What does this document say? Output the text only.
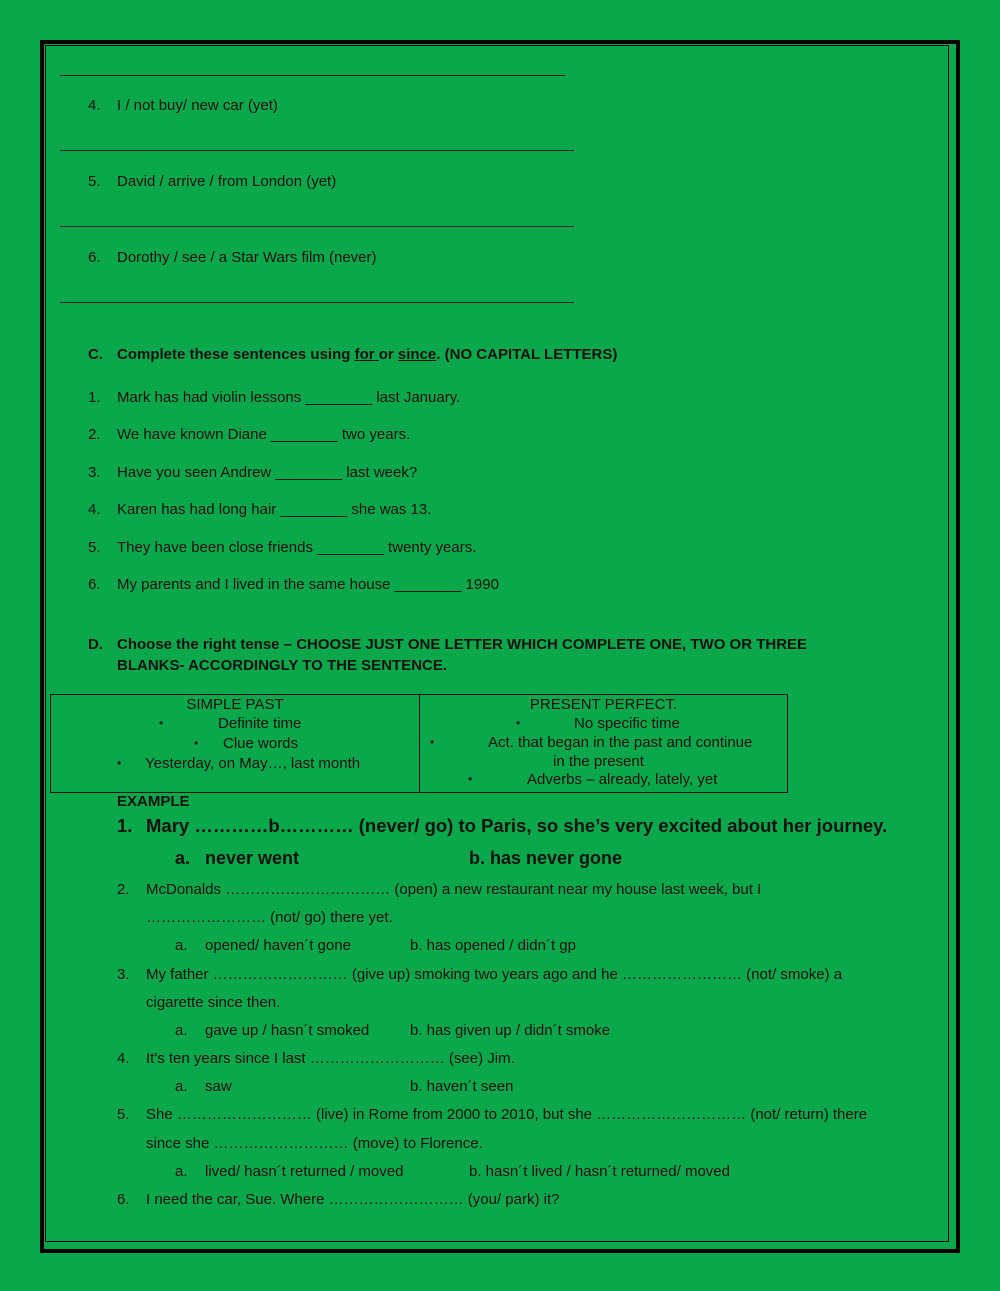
4. I / not buy/ new car (yet)
5. David / arrive / from London (yet)
6. Dorothy / see / a Star Wars film (never)
C. Complete these sentences using for or since. (NO CAPITAL LETTERS)
1. Mark has had violin lessons ________ last January.
2. We have known Diane ________ two years.
3. Have you seen Andrew ________ last week?
4. Karen has had long hair ________ she was 13.
5. They have been close friends ________ twenty years.
6. My parents and I lived in the same house ________ 1990
D. Choose the right tense – CHOOSE JUST ONE LETTER WHICH COMPLETE ONE, TWO OR THREE
BLANKS- ACCORDINGLY TO THE SENTENCE.
SIMPLE PAST
•	Definite time
• Clue words
• Yesterday, on May…, last month
PRESENT PERFECT.
•	No specific time
•	Act. that began in the past and continue
in the present
•	Adverbs – already, lately, yet
EXAMPLE
1. Mary …………b………… (never/ go) to Paris, so she’s very excited about her journey.
a. never went	b. has never gone
2. McDonalds …………………………… (open) a new restaurant near my house last week, but I
…………………… (not/ go) there yet.
a. opened/ haven´t gone	b. has opened / didn´t gp
3. My father ……………………… (give up) smoking two years ago and he …………………… (not/ smoke) a
cigarette since then.
a. gave up / hasn´t smoked	b. has given up / didn´t smoke
4. It's ten years since I last ……………………… (see) Jim.
a. saw	b. haven´t seen
5. She ……………………… (live) in Rome from 2000 to 2010, but she ………………………… (not/ return) there
since she ……………………… (move) to Florence.
a. lived/ hasn´t returned / moved	b. hasn´t lived / hasn´t returned/ moved
6. I need the car, Sue. Where ……………………… (you/ park) it?
